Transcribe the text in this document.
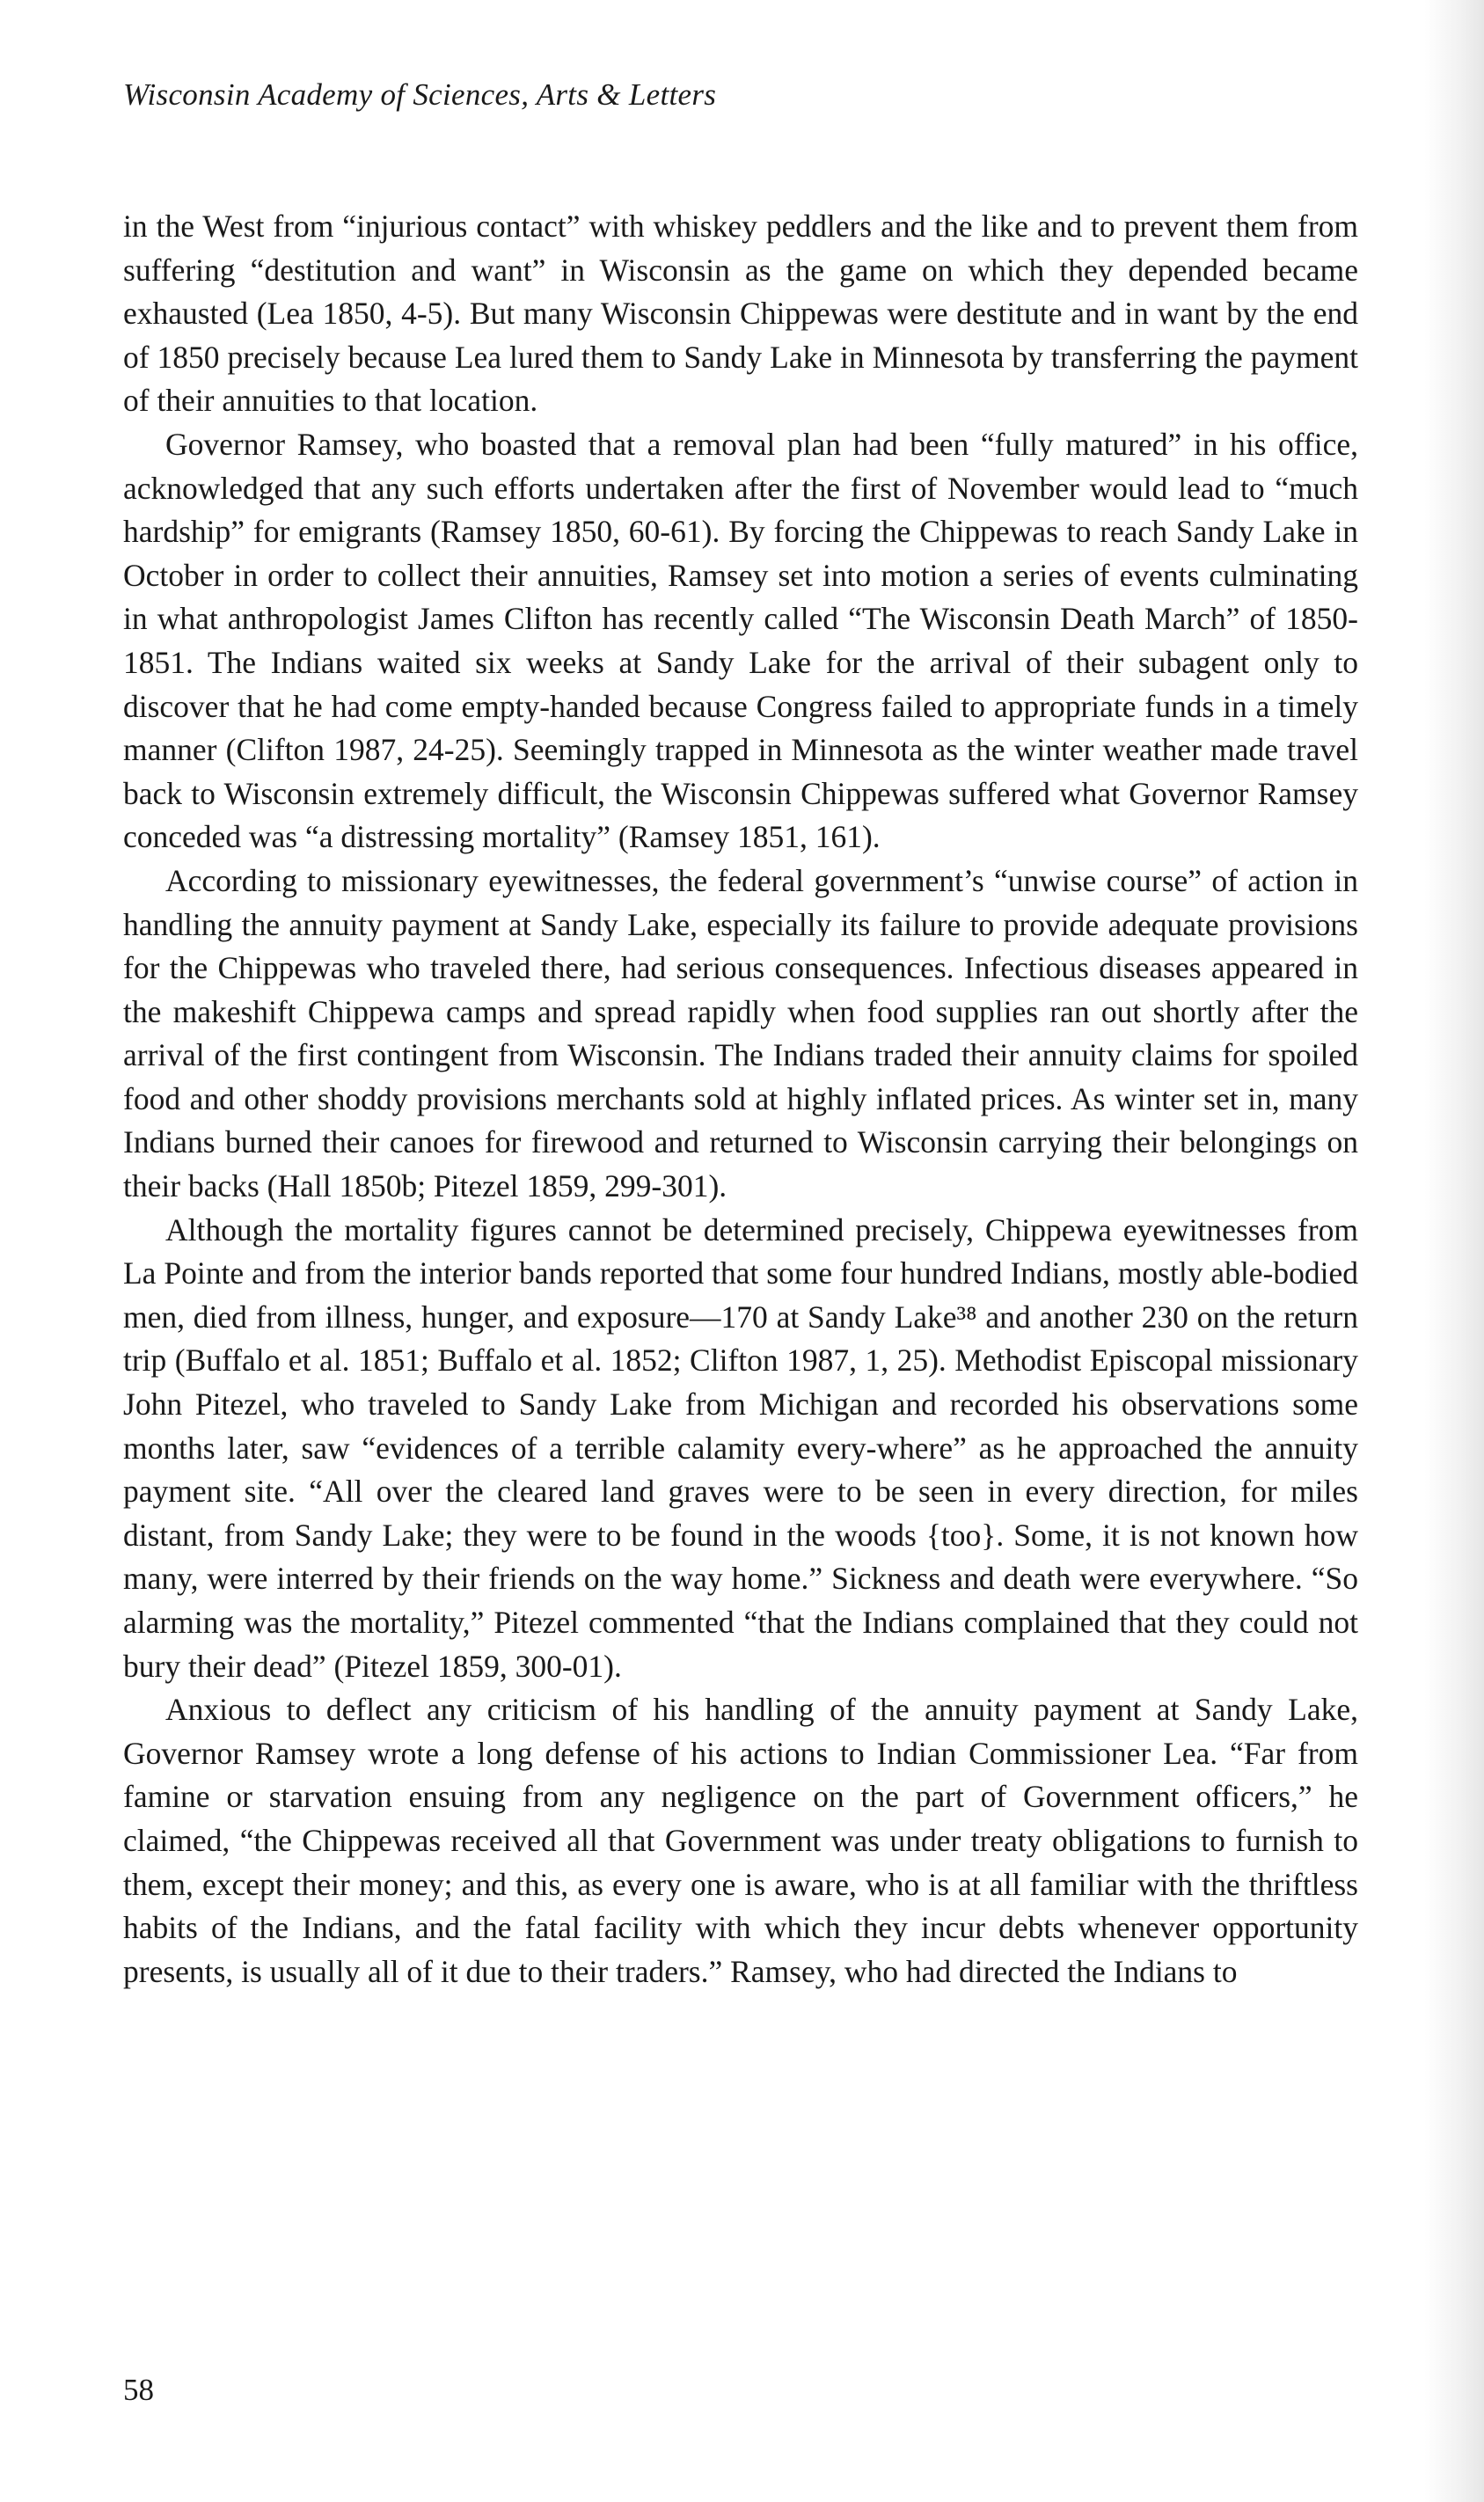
Wisconsin Academy of Sciences, Arts & Letters

in the West from “injurious contact” with whiskey peddlers and the like and to prevent them from suffering “destitution and want” in Wisconsin as the game on which they depended became exhausted (Lea 1850, 4-5). But many Wisconsin Chippewas were destitute and in want by the end of 1850 precisely because Lea lured them to Sandy Lake in Minnesota by transferring the payment of their annuities to that location.

Governor Ramsey, who boasted that a removal plan had been “fully matured” in his office, acknowledged that any such efforts undertaken after the first of November would lead to “much hardship” for emigrants (Ramsey 1850, 60-61). By forcing the Chippewas to reach Sandy Lake in October in order to collect their annuities, Ramsey set into motion a series of events culminating in what anthropologist James Clifton has recently called “The Wisconsin Death March” of 1850-1851. The Indians waited six weeks at Sandy Lake for the arrival of their subagent only to discover that he had come empty-handed because Congress failed to appropriate funds in a timely manner (Clifton 1987, 24-25). Seemingly trapped in Minnesota as the winter weather made travel back to Wisconsin extremely difficult, the Wisconsin Chippewas suffered what Governor Ramsey conceded was “a distressing mortality” (Ramsey 1851, 161).

According to missionary eyewitnesses, the federal government’s “unwise course” of action in handling the annuity payment at Sandy Lake, especially its failure to provide adequate provisions for the Chippewas who traveled there, had serious consequences. Infectious diseases appeared in the makeshift Chippewa camps and spread rapidly when food supplies ran out shortly after the arrival of the first contingent from Wisconsin. The Indians traded their annuity claims for spoiled food and other shoddy provisions merchants sold at highly inflated prices. As winter set in, many Indians burned their canoes for firewood and returned to Wisconsin carrying their belongings on their backs (Hall 1850b; Pitezel 1859, 299-301).

Although the mortality figures cannot be determined precisely, Chippewa eyewitnesses from La Pointe and from the interior bands reported that some four hundred Indians, mostly able-bodied men, died from illness, hunger, and exposure—170 at Sandy Lake³⁸ and another 230 on the return trip (Buffalo et al. 1851; Buffalo et al. 1852; Clifton 1987, 1, 25). Methodist Episcopal missionary John Pitezel, who traveled to Sandy Lake from Michigan and recorded his observations some months later, saw “evidences of a terrible calamity every-where” as he approached the annuity payment site. “All over the cleared land graves were to be seen in every direction, for miles distant, from Sandy Lake; they were to be found in the woods {too}. Some, it is not known how many, were interred by their friends on the way home.” Sickness and death were everywhere. “So alarming was the mortality,” Pitezel commented “that the Indians complained that they could not bury their dead” (Pitezel 1859, 300-01).

Anxious to deflect any criticism of his handling of the annuity payment at Sandy Lake, Governor Ramsey wrote a long defense of his actions to Indian Commissioner Lea. “Far from famine or starvation ensuing from any negligence on the part of Government officers,” he claimed, “the Chippewas received all that Government was under treaty obligations to furnish to them, except their money; and this, as every one is aware, who is at all familiar with the thriftless habits of the Indians, and the fatal facility with which they incur debts whenever opportunity presents, is usually all of it due to their traders.” Ramsey, who had directed the Indians to

58
